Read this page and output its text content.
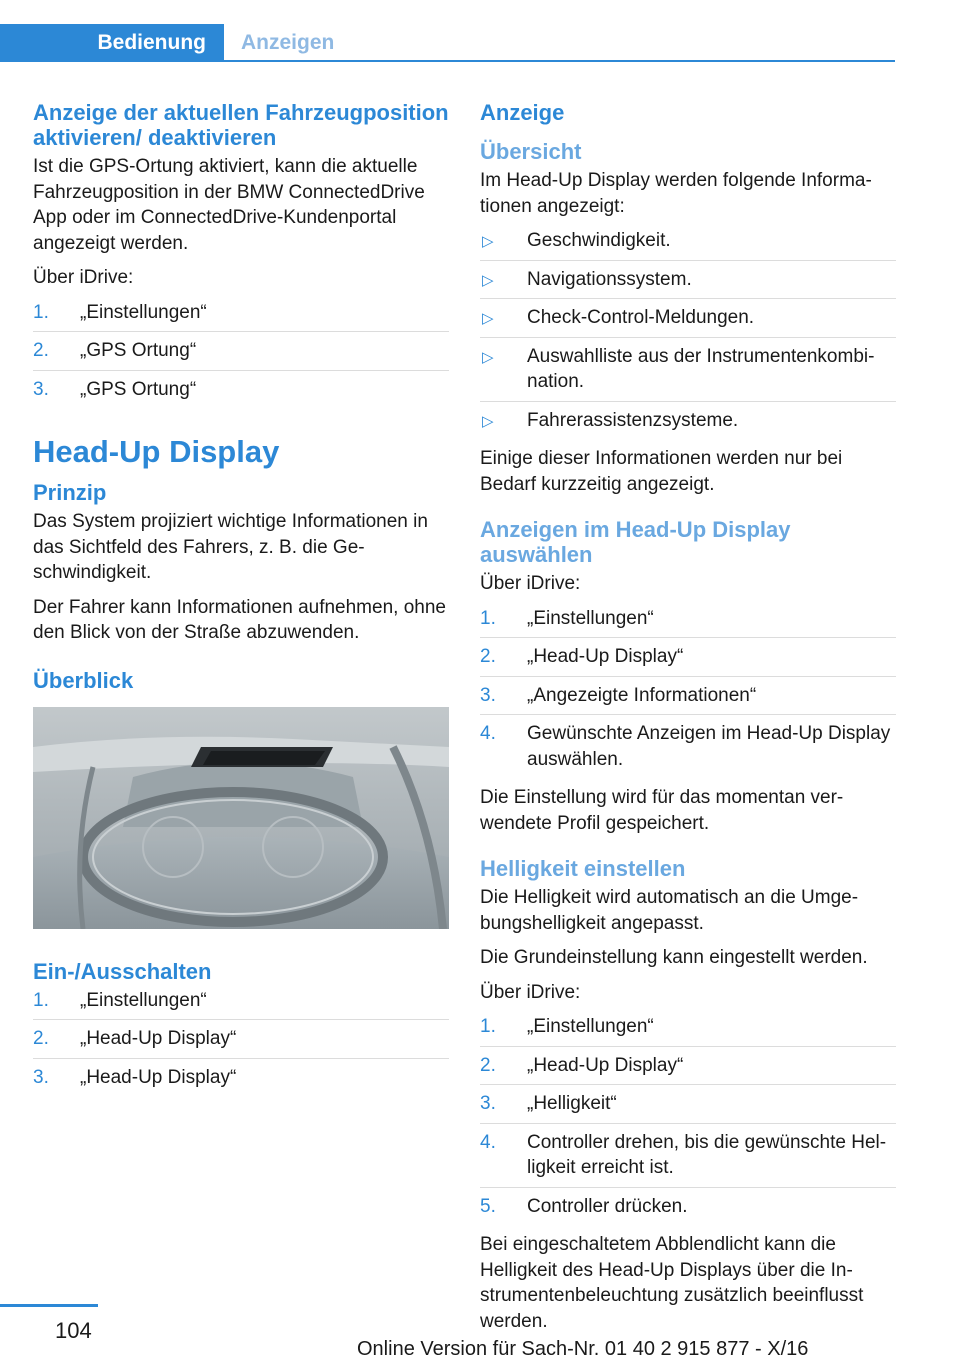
Bedienung	Anzeigen
Anzeige der aktuellen Fahrzeugposition aktivieren/ deaktivieren

Ist die GPS-Ortung aktiviert, kann die aktuelle Fahrzeugposition in der BMW ConnectedDrive App oder im ConnectedDrive-Kundenportal angezeigt werden.

Über iDrive:

1. „Einstellungen“
2. „GPS Ortung“
3. „GPS Ortung“
Head-Up Display
Prinzip

Das System projiziert wichtige Informationen in das Sichtfeld des Fahrers, z. B. die Ge‐ schwindigkeit.

Der Fahrer kann Informationen aufnehmen, ohne den Blick von der Straße abzuwenden.

Überblick
Ein-/Ausschalten
1. „Einstellungen“
2. „Head-Up Display“
3. „Head-Up Display“
Anzeige
Übersicht

Im Head-Up Display werden folgende Informa‐ tionen angezeigt:

▷ Geschwindigkeit.
▷ Navigationssystem.
▷ Check-Control-Meldungen.
▷ Auswahlliste aus der Instrumentenkombi‐ nation.
▷ Fahrerassistenzsysteme.

Einige dieser Informationen werden nur bei Bedarf kurzzeitig angezeigt.

Anzeigen im Head-Up Display auswählen

Über iDrive:

1. „Einstellungen“
2. „Head-Up Display“
3. „Angezeigte Informationen“
4. Gewünschte Anzeigen im Head-Up Display auswählen.

Die Einstellung wird für das momentan ver‐ wendete Profil gespeichert.

Helligkeit einstellen

Die Helligkeit wird automatisch an die Umge‐ bungshelligkeit angepasst.

Die Grundeinstellung kann eingestellt werden.

Über iDrive:

1. „Einstellungen“
2. „Head-Up Display“
3. „Helligkeit“
4. Controller drehen, bis die gewünschte Hel‐ ligkeit erreicht ist.
5. Controller drücken.

Bei eingeschaltetem Abblendlicht kann die Helligkeit des Head-Up Displays über die In‐ strumentenbeleuchtung zusätzlich beeinflusst werden.

104
Online Version für Sach-Nr. 01 40 2 915 877 - X/16
